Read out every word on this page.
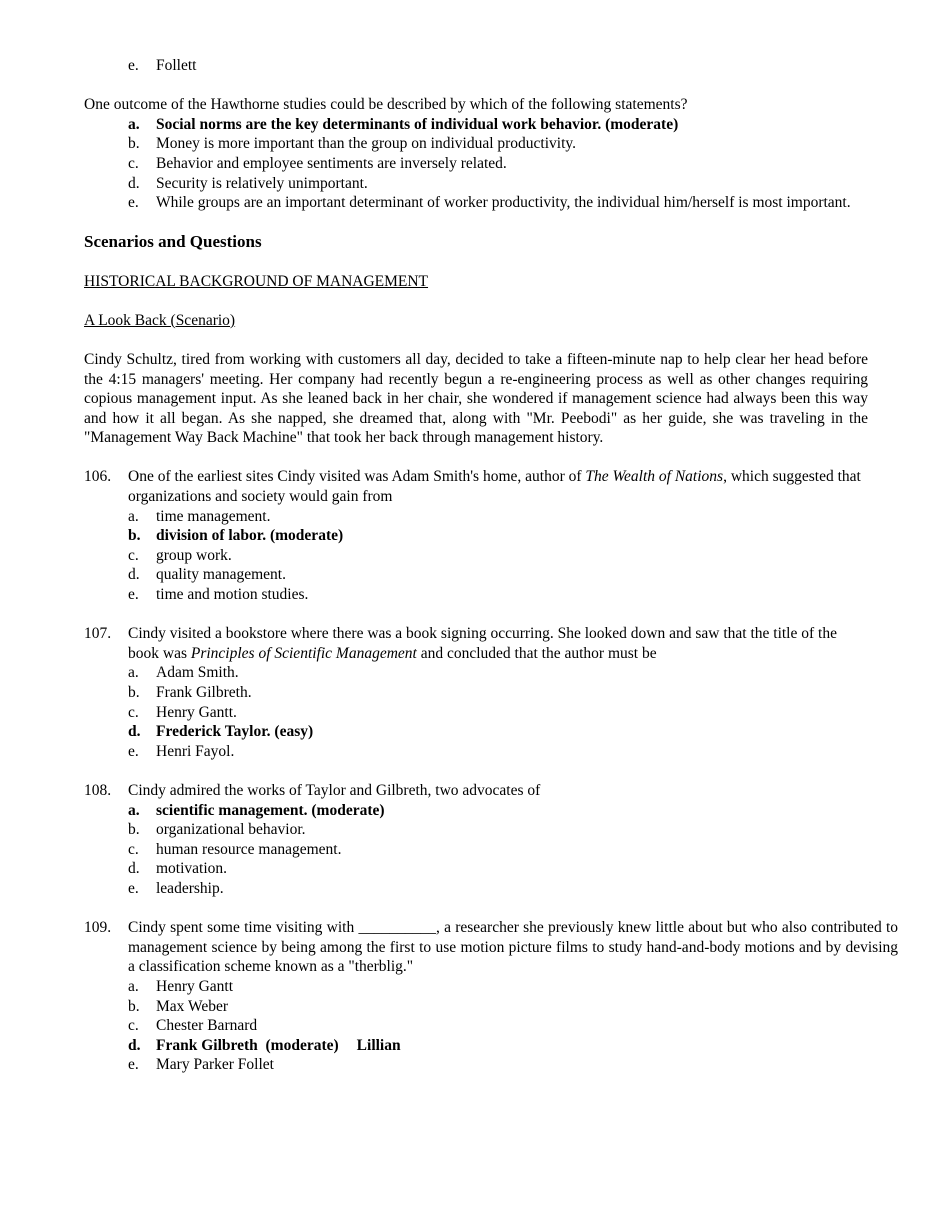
e. Follett

One outcome of the Hawthorne studies could be described by which of the following statements?

a. Social norms are the key determinants of individual work behavior. (moderate)
b. Money is more important than the group on individual productivity.
c. Behavior and employee sentiments are inversely related.
d. Security is relatively unimportant.
e. While groups are an important determinant of worker productivity, the individual him/herself is most important.

Scenarios and Questions

HISTORICAL BACKGROUND OF MANAGEMENT

A Look Back (Scenario)

Cindy Schultz, tired from working with customers all day, decided to take a fifteen-minute nap to help clear her head before the 4:15 managers' meeting. Her company had recently begun a re-engineering process as well as other changes requiring copious management input. As she leaned back in her chair, she wondered if management science had always been this way and how it all began. As she napped, she dreamed that, along with "Mr. Peebodi" as her guide, she was traveling in the "Management Way Back Machine" that took her back through management history.

106. One of the earliest sites Cindy visited was Adam Smith's home, author of The Wealth of Nations, which suggested that organizations and society would gain from
a. time management.
b. division of labor. (moderate)
c. group work.
d. quality management.
e. time and motion studies.
107. Cindy visited a bookstore where there was a book signing occurring. She looked down and saw that the title of the book was Principles of Scientific Management and concluded that the author must be
a. Adam Smith.
b. Frank Gilbreth.
c. Henry Gantt.
d. Frederick Taylor. (easy)
e. Henri Fayol.
108. Cindy admired the works of Taylor and Gilbreth, two advocates of
a. scientific management. (moderate)
b. organizational behavior.
c. human resource management.
d. motivation.
e. leadership.
109. Cindy spent some time visiting with __________, a researcher she previously knew little about but who also contributed to management science by being among the first to use motion picture films to study hand-and-body motions and by devising a classification scheme known as a "therblig."
a. Henry Gantt
b. Max Weber
c. Chester Barnard
d. Frank Gilbreth  (moderate) Lillian
e. Mary Parker Follet
